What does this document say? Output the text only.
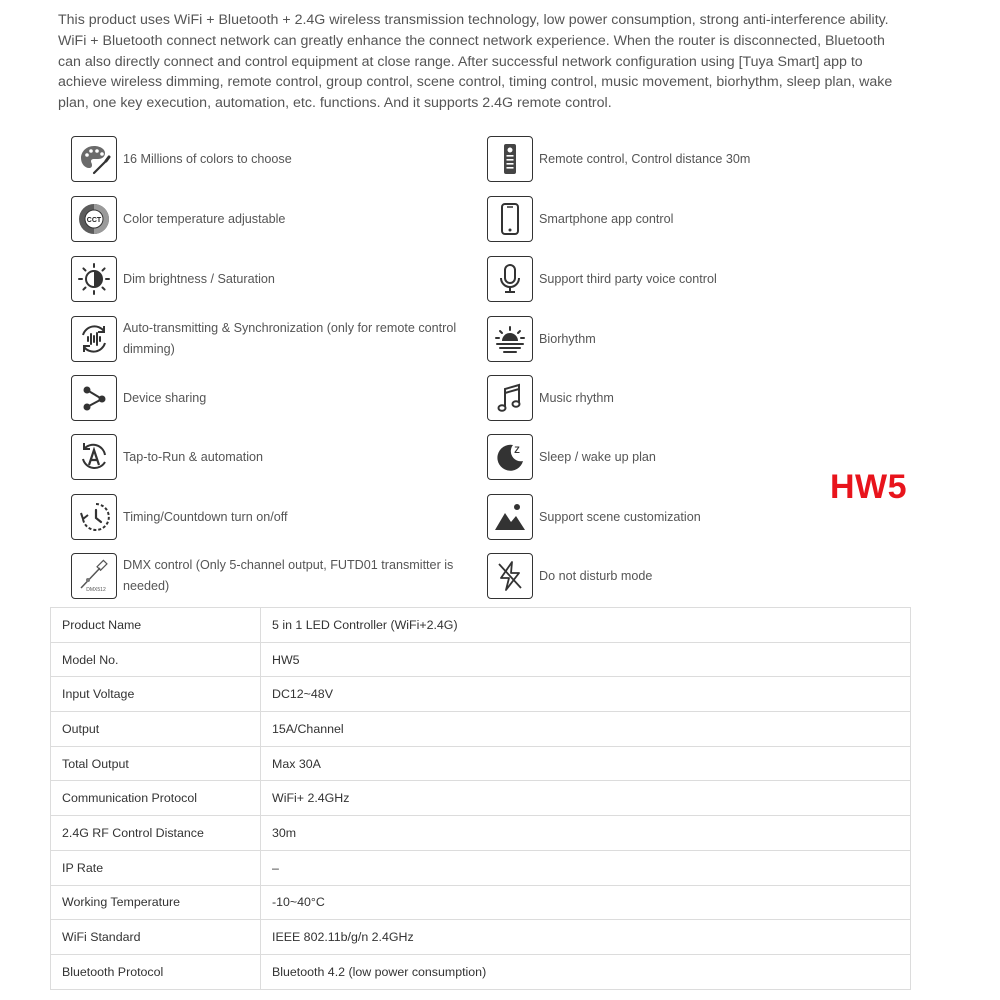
This product uses WiFi + Bluetooth + 2.4G wireless transmission technology, low power consumption, strong anti-interference ability. WiFi + Bluetooth connect network can greatly enhance the connect network experience. When the router is disconnected, Bluetooth can also directly connect and control equipment at close range. After successful network configuration using [Tuya Smart] app to achieve wireless dimming, remote control, group control, scene control, timing control, music movement, biorhythm, sleep plan, wake plan, one key execution, automation, etc. functions. And it supports 2.4G remote control.

16 Millions of colors to choose
CCT Color temperature adjustable
Dim brightness / Saturation
Auto-transmitting & Synchronization (only for remote control dimming)
Device sharing
Tap-to-Run & automation
Timing/Countdown turn on/off
DMX512
DMX control (Only 5-channel output, FUTD01 transmitter is needed)
Remote control, Control distance 30m
Smartphone app control
Support third party voice control
Biorhythm
Music rhythm
Z Sleep / wake up plan
Support scene customization
Do not disturb mode
HW5
Product Name	5 in 1 LED Controller (WiFi+2.4G)
Model No.	HW5
Input Voltage	DC12~48V
Output	15A/Channel
Total Output	Max 30A
Communication Protocol	WiFi+ 2.4GHz
2.4G RF Control Distance	30m
IP Rate	–
Working Temperature	-10~40°C
WiFi Standard	IEEE 802.11b/g/n 2.4GHz
Bluetooth Protocol	Bluetooth 4.2 (low power consumption)
